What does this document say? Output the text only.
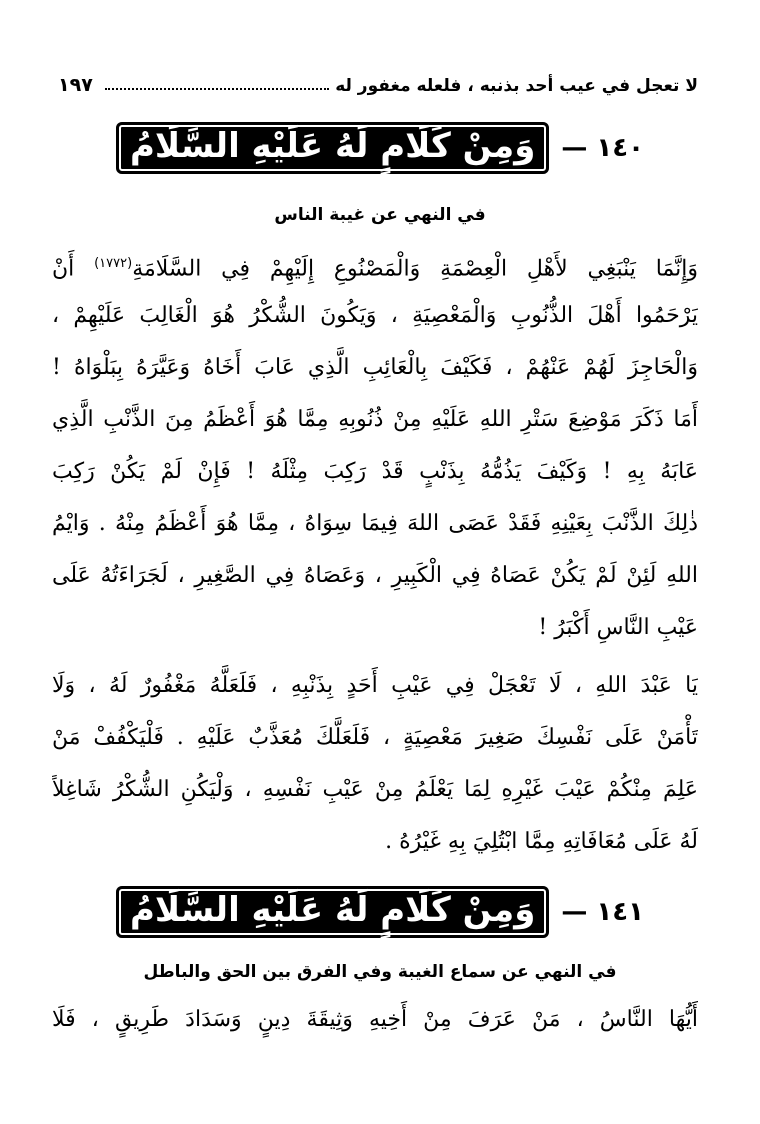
لا تعجل في عيب أحد بذنبه ، فلعله مغفور له
١٩٧
وَمِنْ كَلَامٍ لَهُ عَلَيْهِ السَّلَامُ	١٤٠ —
في النهي عن غيبة الناس
وَإِنَّمَا يَنْبَغِي لأَهْلِ الْعِصْمَةِ وَالْمَصْنُوعِ إِلَيْهِمْ فِي السَّلَامَةِ$^{(١٧٧٢)}$ أَنْ
يَرْحَمُوا أَهْلَ الذُّنُوبِ وَالْمَعْصِيَةِ ، وَيَكُونَ الشُّكْرُ هُوَ الْغَالِبَ عَلَيْهِمْ ،
وَالْحَاجِزَ لَهُمْ عَنْهُمْ ، فَكَيْفَ بِالْعَائِبِ الَّذِي عَابَ أَخَاهُ وَعَيَّرَهُ بِبَلْوَاهُ !
أَمَا ذَكَرَ مَوْضِعَ سَتْرِ اللهِ عَلَيْهِ مِنْ ذُنُوبِهِ مِمَّا هُوَ أَعْظَمُ مِنَ الذَّنْبِ الَّذِي
عَابَهُ بِهِ ! وَكَيْفَ يَذُمُّهُ بِذَنْبٍ قَدْ رَكِبَ مِثْلَهُ ! فَإِنْ لَمْ يَكُنْ رَكِبَ
ذٰلِكَ الذَّنْبَ بِعَيْنِهِ فَقَدْ عَصَى اللهَ فِيمَا سِوَاهُ ، مِمَّا هُوَ أَعْظَمُ مِنْهُ . وَايْمُ
اللهِ لَئِنْ لَمْ يَكُنْ عَصَاهُ فِي الْكَبِيرِ ، وَعَصَاهُ فِي الصَّغِيرِ ، لَجَرَاءَتُهُ عَلَى
عَيْبِ النَّاسِ أَكْبَرُ !
يَا عَبْدَ اللهِ ، لَا تَعْجَلْ فِي عَيْبِ أَحَدٍ بِذَنْبِهِ ، فَلَعَلَّهُ مَغْفُورٌ لَهُ ، وَلَا
تَأْمَنْ عَلَى نَفْسِكَ صَغِيرَ مَعْصِيَةٍ ، فَلَعَلَّكَ مُعَذَّبٌ عَلَيْهِ . فَلْيَكْفُفْ مَنْ
عَلِمَ مِنْكُمْ عَيْبَ غَيْرِهِ لِمَا يَعْلَمُ مِنْ عَيْبِ نَفْسِهِ ، وَلْيَكُنِ الشُّكْرُ شَاغِلاً
لَهُ عَلَى مُعَافَاتِهِ مِمَّا ابْتُلِيَ بِهِ غَيْرُهُ .
وَمِنْ كَلَامٍ لَهُ عَلَيْهِ السَّلَامُ	١٤١ —
في النهي عن سماع الغيبة وفي الفرق بين الحق والباطل
أَيُّهَا النَّاسُ ، مَنْ عَرَفَ مِنْ أَخِيهِ وَثِيقَةَ دِينٍ وَسَدَادَ طَرِيقٍ ، فَلَا
